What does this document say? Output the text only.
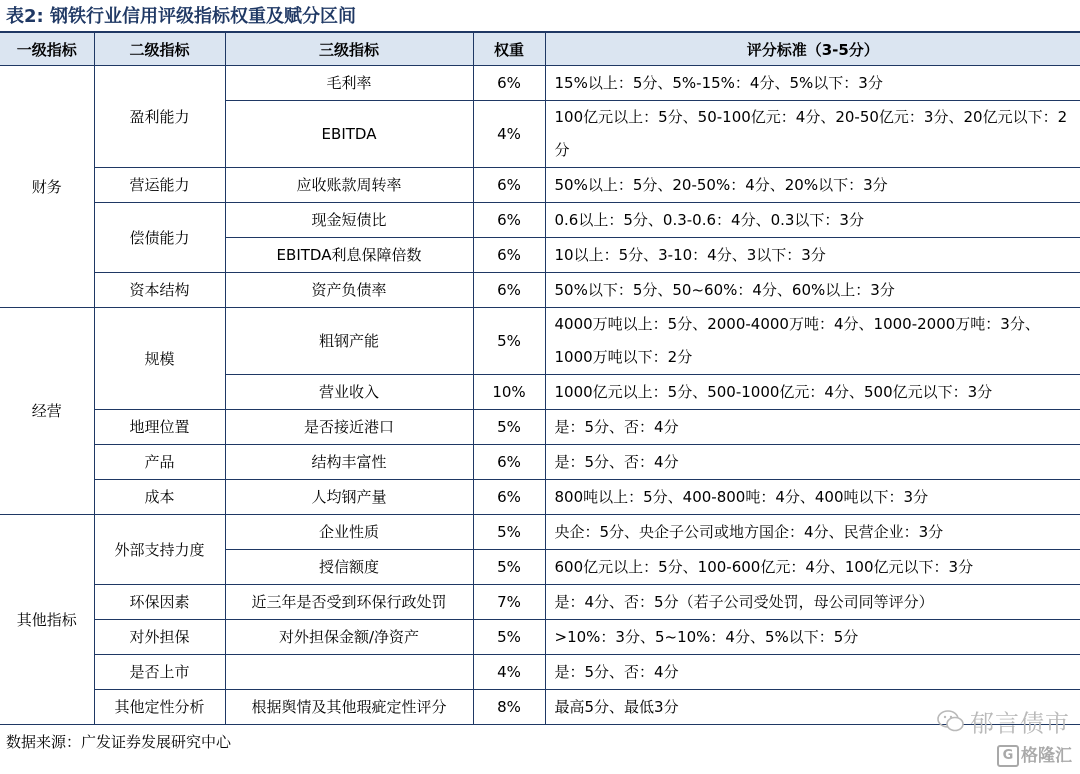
表2: 钢铁行业信用评级指标权重及赋分区间
一级指标	二级指标	三级指标	权重	评分标准（3-5分）
财务	盈利能力	毛利率	6%	15%以上：5分、5%-15%：4分、5%以下：3分
		EBITDA	4%	100亿元以上：5分、50-100亿元：4分、20-50亿元：3分、20亿元以下：2分
	营运能力	应收账款周转率	6%	50%以上：5分、20-50%：4分、20%以下：3分
	偿债能力	现金短债比	6%	0.6以上：5分、0.3-0.6：4分、0.3以下：3分
		EBITDA利息保障倍数	6%	10以上：5分、3-10：4分、3以下：3分
	资本结构	资产负债率	6%	50%以下：5分、50~60%：4分、60%以上：3分
经营	规模	粗钢产能	5%	4000万吨以上：5分、2000-4000万吨：4分、1000-2000万吨：3分、1000万吨以下：2分
		营业收入	10%	1000亿元以上：5分、500-1000亿元：4分、500亿元以下：3分
	地理位置	是否接近港口	5%	是：5分、否：4分
	产品	结构丰富性	6%	是：5分、否：4分
	成本	人均钢产量	6%	800吨以上：5分、400-800吨：4分、400吨以下：3分
其他指标	外部支持力度	企业性质	5%	央企：5分、央企子公司或地方国企：4分、民营企业：3分
		授信额度	5%	600亿元以上：5分、100-600亿元：4分、100亿元以下：3分
	环保因素	近三年是否受到环保行政处罚	7%	是：4分、否：5分（若子公司受处罚，母公司同等评分）
	对外担保	对外担保金额/净资产	5%	>10%：3分、5~10%：4分、5%以下：5分
	是否上市		4%	是：5分、否：4分
	其他定性分析	根据舆情及其他瑕疵定性评分	8%	最高5分、最低3分
数据来源：广发证券发展研究中心
郁言债市
G 格隆汇
